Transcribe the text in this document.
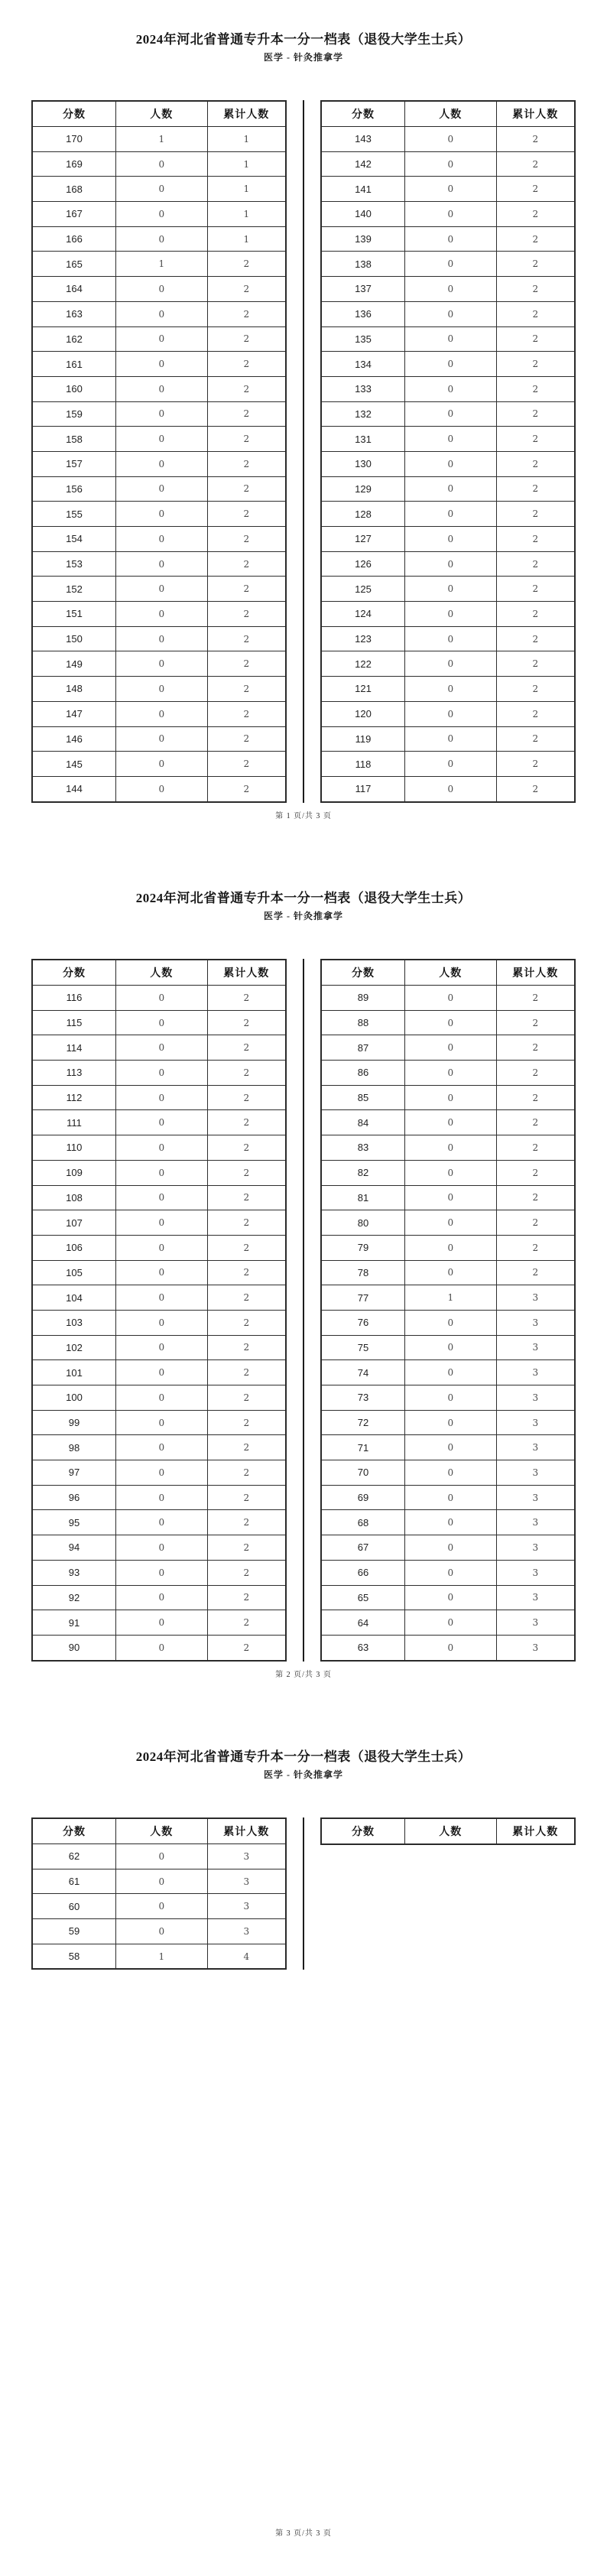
2024年河北省普通专升本一分一档表（退役大学生士兵）
医学 - 针灸推拿学
分数	人数	累计人数
170	1	1
169	0	1
168	0	1
167	0	1
166	0	1
165	1	2
164	0	2
163	0	2
162	0	2
161	0	2
160	0	2
159	0	2
158	0	2
157	0	2
156	0	2
155	0	2
154	0	2
153	0	2
152	0	2
151	0	2
150	0	2
149	0	2
148	0	2
147	0	2
146	0	2
145	0	2
144	0	2
分数	人数	累计人数
143	0	2
142	0	2
141	0	2
140	0	2
139	0	2
138	0	2
137	0	2
136	0	2
135	0	2
134	0	2
133	0	2
132	0	2
131	0	2
130	0	2
129	0	2
128	0	2
127	0	2
126	0	2
125	0	2
124	0	2
123	0	2
122	0	2
121	0	2
120	0	2
119	0	2
118	0	2
117	0	2
第 1 页/共 3 页
2024年河北省普通专升本一分一档表（退役大学生士兵）
医学 - 针灸推拿学
分数	人数	累计人数
116	0	2
115	0	2
114	0	2
113	0	2
112	0	2
111	0	2
110	0	2
109	0	2
108	0	2
107	0	2
106	0	2
105	0	2
104	0	2
103	0	2
102	0	2
101	0	2
100	0	2
99	0	2
98	0	2
97	0	2
96	0	2
95	0	2
94	0	2
93	0	2
92	0	2
91	0	2
90	0	2
分数	人数	累计人数
89	0	2
88	0	2
87	0	2
86	0	2
85	0	2
84	0	2
83	0	2
82	0	2
81	0	2
80	0	2
79	0	2
78	0	2
77	1	3
76	0	3
75	0	3
74	0	3
73	0	3
72	0	3
71	0	3
70	0	3
69	0	3
68	0	3
67	0	3
66	0	3
65	0	3
64	0	3
63	0	3
第 2 页/共 3 页
2024年河北省普通专升本一分一档表（退役大学生士兵）
医学 - 针灸推拿学
分数	人数	累计人数
62	0	3
61	0	3
60	0	3
59	0	3
58	1	4
分数	人数	累计人数
第 3 页/共 3 页
